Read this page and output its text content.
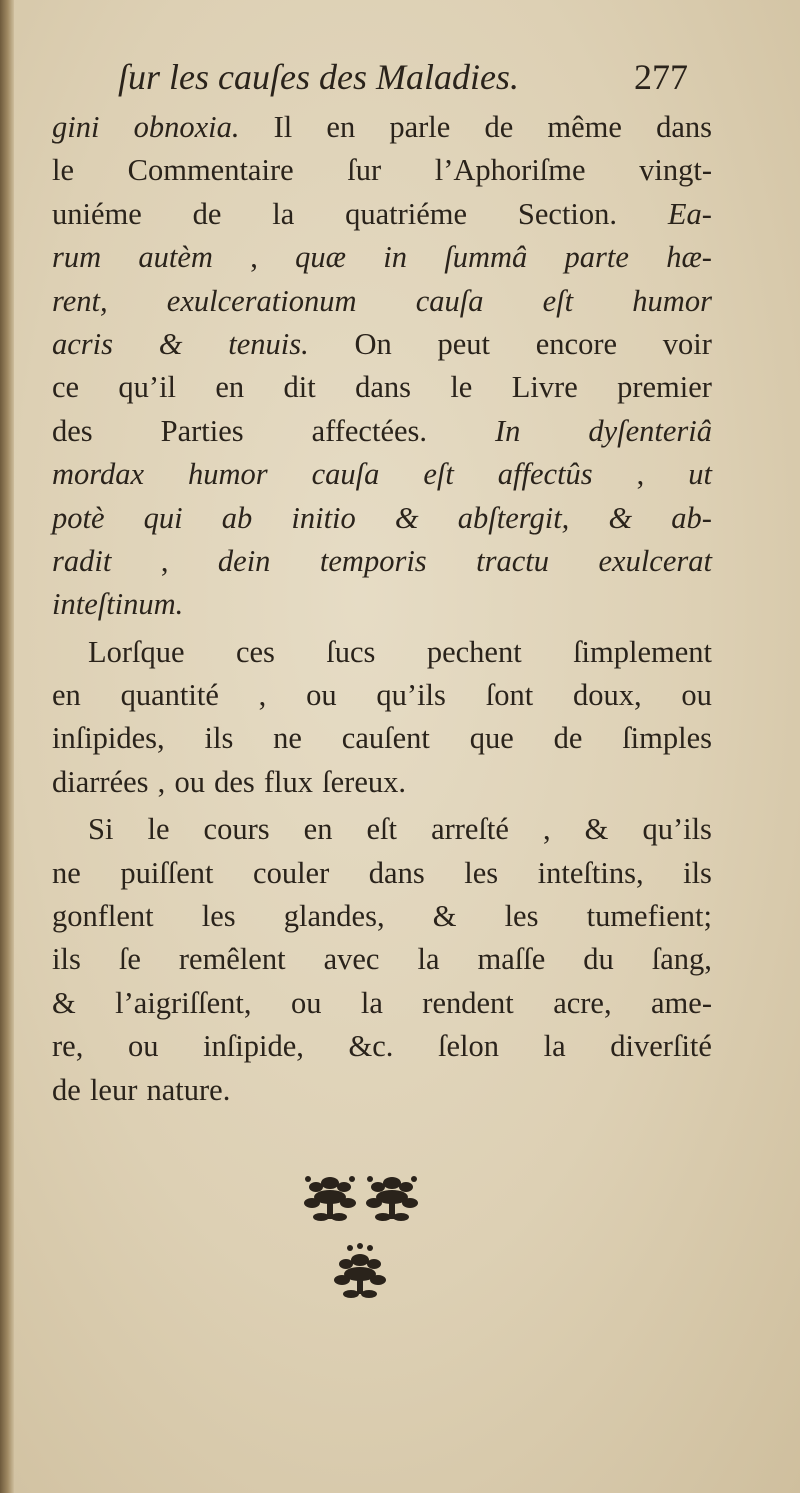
ſur les cauſes des Maladies.	277
gini obnoxia. Il en parle de même dans
le Commentaire ſur l’Aphoriſme vingt-
uniéme de la quatriéme Section. Ea-
rum autèm , quæ in ſummâ parte hæ-
rent, exulcerationum cauſa eſt humor
acris & tenuis. On peut encore voir
ce qu’il en dit dans le Livre premier
des Parties affectées. In dyſenteriâ
mordax humor cauſa eſt affectûs , ut
potè qui ab initio & abſtergit, & ab-
radit , dein temporis tractu exulcerat
inteſtinum.
Lorſque ces ſucs pechent ſimplement
en quantité , ou qu’ils ſont doux, ou
inſipides, ils ne cauſent que de ſimples
diarrées , ou des flux ſereux.
Si le cours en eſt arreſté , & qu’ils
ne puiſſent couler dans les inteſtins, ils
gonflent les glandes, & les tumefient;
ils ſe remêlent avec la maſſe du ſang,
& l’aigriſſent, ou la rendent acre, ame-
re, ou inſipide, &c. ſelon la diverſité
de leur nature.
